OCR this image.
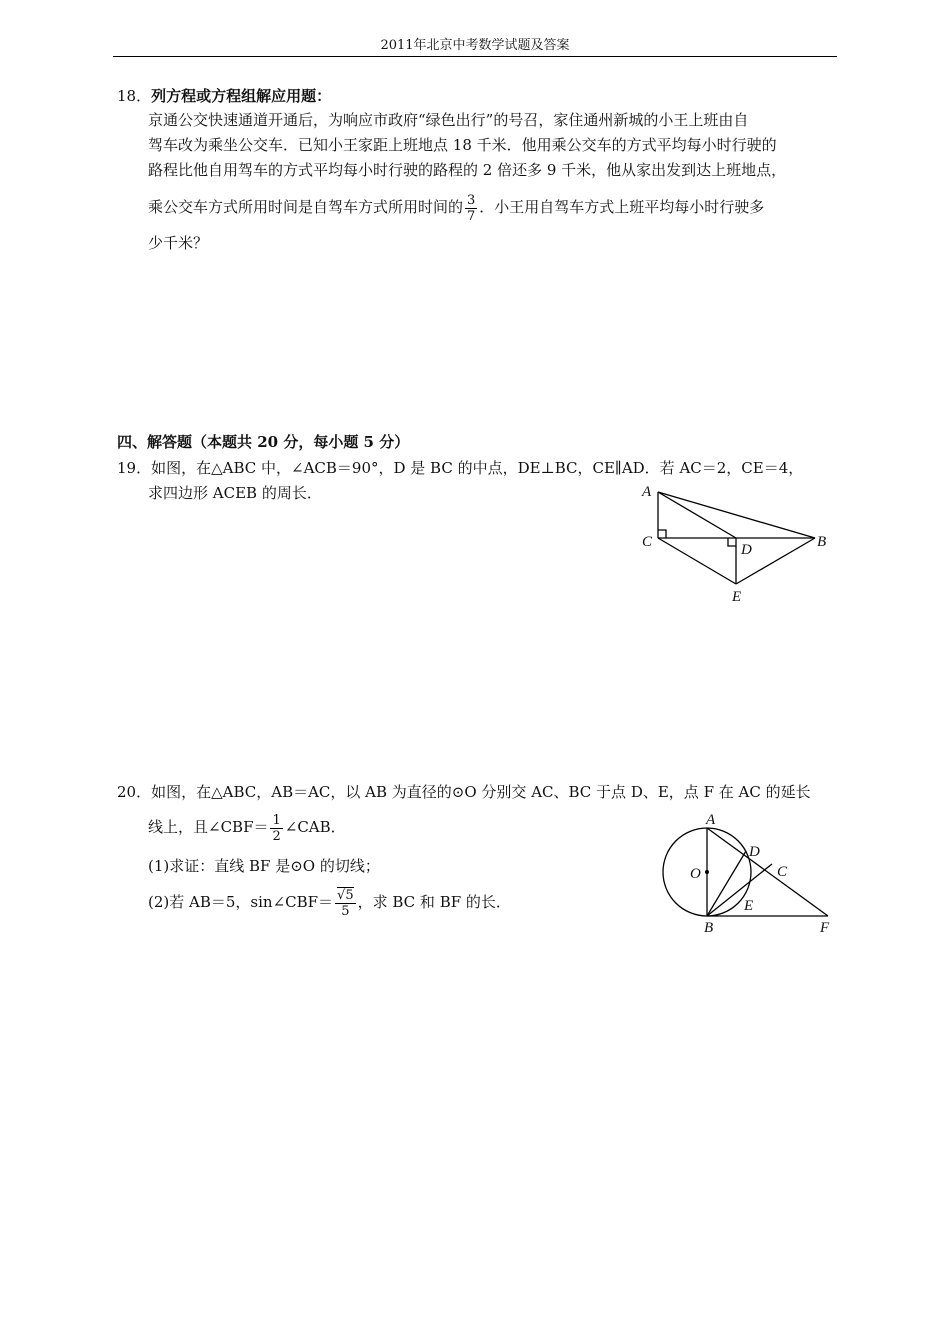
2011年北京中考数学试题及答案
18．列方程或方程组解应用题：
京通公交快速通道开通后，为响应市政府“绿色出行”的号召，家住通州新城的小王上班由自
驾车改为乘坐公交车．已知小王家距上班地点 18 千米．他用乘公交车的方式平均每小时行驶的
路程比他自用驾车的方式平均每小时行驶的路程的 2 倍还多 9 千米，他从家出发到达上班地点，
乘公交车方式所用时间是自驾车方式所用时间的 $\frac{3}{7}$ ．小王用自驾车方式上班平均每小时行驶多
少千米？
四、解答题（本题共 20 分，每小题 5 分）
19．如图，在△ABC 中，∠ACB＝90°，D 是 BC 的中点，DE⊥BC，CE∥AD．若 AC＝2，CE＝4，
求四边形 ACEB 的周长．	A
C	D	B
E
20．如图，在△ABC，AB＝AC，以 AB 为直径的⊙O 分别交 AC、BC 于点 D、E，点 F 在 AC 的延长
线上，且∠CBF＝ $\frac{1}{2}$ ∠CAB．
(1)求证：直线 BF 是⊙O 的切线；
(2)若 AB＝5，sin∠CBF＝ $\frac{√5}{5}$ ，求 BC 和 BF 的长．
A
D
C
O
E
B	F
